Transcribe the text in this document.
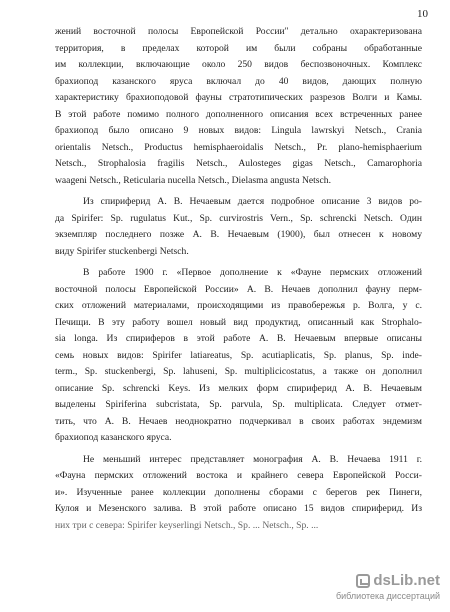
10
жений восточной полосы Европейской России" детально охарактеризована
территория, в пределах которой им были собраны обработанные
им коллекции, включающие около 250 видов беспозвоночных. Комплекс
брахиопод казанского яруса включал до 40 видов, дающих полную
характеристику брахиоподовой фауны стратотипических разрезов Волги и Камы.
В этой работе помимо полного дополненного описания всех встреченных ранее
брахиопод было описано 9 новых видов: Lingula lawrskyi Netsch., Crania
orientalis Netsch., Productus hemisphaeroidalis Netsch., Pr. plano-hemisphaerium
Netsch., Strophalosia fragilis Netsch., Aulosteges gigas Netsch., Camarophoria
waageni Netsch., Reticularia nucella Netsch., Dielasma angusta Netsch.
Из спириферид А. В. Нечаевым дается подробное описание 3 видов ро-
да Spirifer: Sp. rugulatus Kut., Sp. curvirostris Vern., Sp. schrencki Netsch. Один
экземпляр последнего позже А. В. Нечаевым (1900), был отнесен к новому
виду Spirifer stuckenbergi Netsch.
В работе 1900 г. «Первое дополнение к «Фауне пермских отложений
восточной полосы Европейской России» А. В. Нечаев дополнил фауну перм-
ских отложений материалами, происходящими из правобережья р. Волга, у с.
Печищи. В эту работу вошел новый вид продуктид, описанный как Strophalo-
sia longa. Из спириферов в этой работе А. В. Нечаевым впервые описаны
семь новых видов: Spirifer latiareatus, Sp. acutiaplicatis, Sp. planus, Sp. inde-
term., Sp. stuckenbergi, Sp. lahuseni, Sp. multiplicicostatus, а также он дополнил
описание Sp. schrencki Keys. Из мелких форм спириферид А. В. Нечаевым
выделены Spiriferina subcristata, Sp. parvula, Sp. multiplicata. Следует отмет-
тить, что А. В. Нечаев неоднократно подчеркивал в своих работах эндемизм
брахиопод казанского яруса.
Не меньший интерес представляет монография А. В. Нечаева 1911 г.
«Фауна пермских отложений востока и крайнего севера Европейской Росси-
и». Изученные ранее коллекции дополнены сборами с берегов рек Пинеги,
Кулоя и Мезенского залива. В этой работе описано 15 видов спириферид. Из
них три с севера: Spirifer keyserlingi Netsch., Sp. ... Netsch., Sp. ...
dsLib.net
библиотека диссертаций
